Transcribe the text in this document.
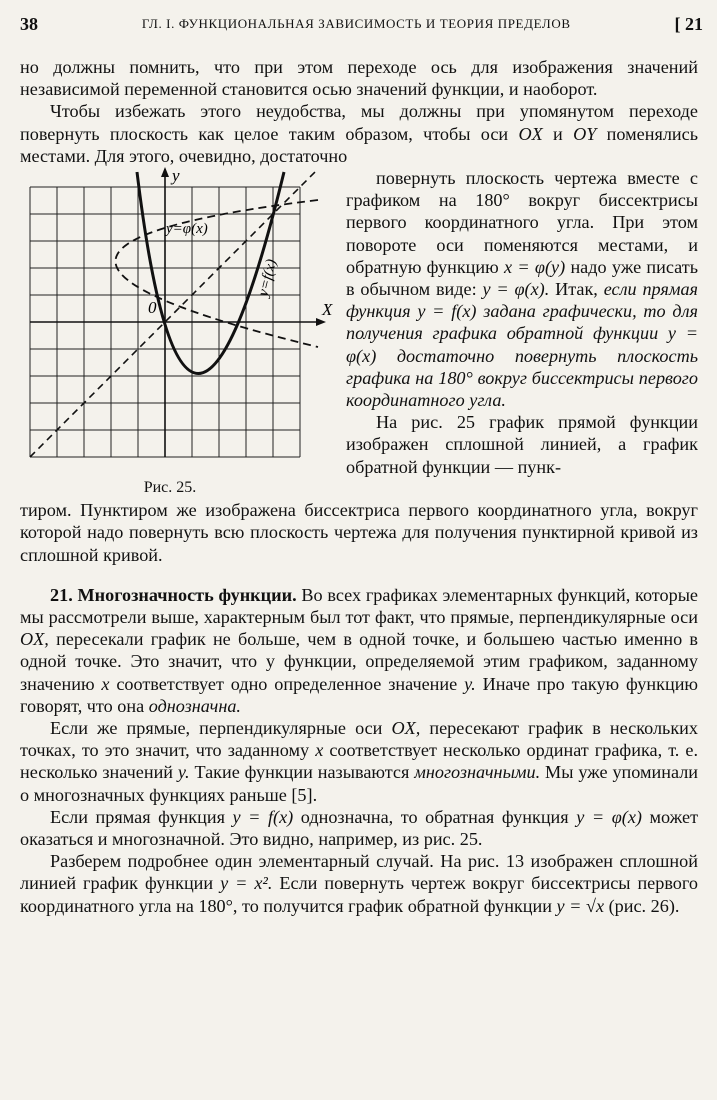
38	ГЛ. I. ФУНКЦИОНАЛЬНАЯ ЗАВИСИМОСТЬ И ТЕОРИЯ ПРЕДЕЛОВ	[ 21

но должны помнить, что при этом переходе ось для изображения значений независимой переменной становится осью значений функции, и наоборот.

Чтобы избежать этого неудобства, мы должны при упомянутом переходе повернуть плоскость как целое таким образом, чтобы оси OX и OY поменялись местами. Для этого, очевидно, достаточно

y
X
0
y=φ(x)
y=f(x)
Рис. 25.

повернуть плоскость чертежа вместе с графиком на 180° вокруг биссектрисы первого координатного угла. При этом повороте оси поменяются местами, и обратную функцию x = φ(y) надо уже писать в обычном виде: y = φ(x). Итак, если прямая функция y = f(x) задана графически, то для получения графика обратной функции y = φ(x) достаточно повернуть плоскость графика на 180° вокруг биссектрисы первого координатного угла.

На рис. 25 график прямой функции изображен сплошной линией, а график обратной функции — пунк-

тиром. Пунктиром же изображена биссектриса первого координатного угла, вокруг которой надо повернуть всю плоскость чертежа для получения пунктирной кривой из сплошной кривой.

21. Многозначность функции. Во всех графиках элементарных функций, которые мы рассмотрели выше, характерным был тот факт, что прямые, перпендикулярные оси OX, пересекали график не больше, чем в одной точке, и большею частью именно в одной точке. Это значит, что у функции, определяемой этим графиком, заданному значению x соответствует одно определенное значение y. Иначе про такую функцию говорят, что она однозначна.

Если же прямые, перпендикулярные оси OX, пересекают график в нескольких точках, то это значит, что заданному x соответствует несколько ординат графика, т. е. несколько значений y. Такие функции называются многозначными. Мы уже упоминали о многозначных функциях раньше [5].

Если прямая функция y = f(x) однозначна, то обратная функция y = φ(x) может оказаться и многозначной. Это видно, например, из рис. 25.

Разберем подробнее один элементарный случай. На рис. 13 изображен сплошной линией график функции y = x². Если повернуть чертеж вокруг биссектрисы первого координатного угла на 180°, то получится график обратной функции y = √x (рис. 26).
